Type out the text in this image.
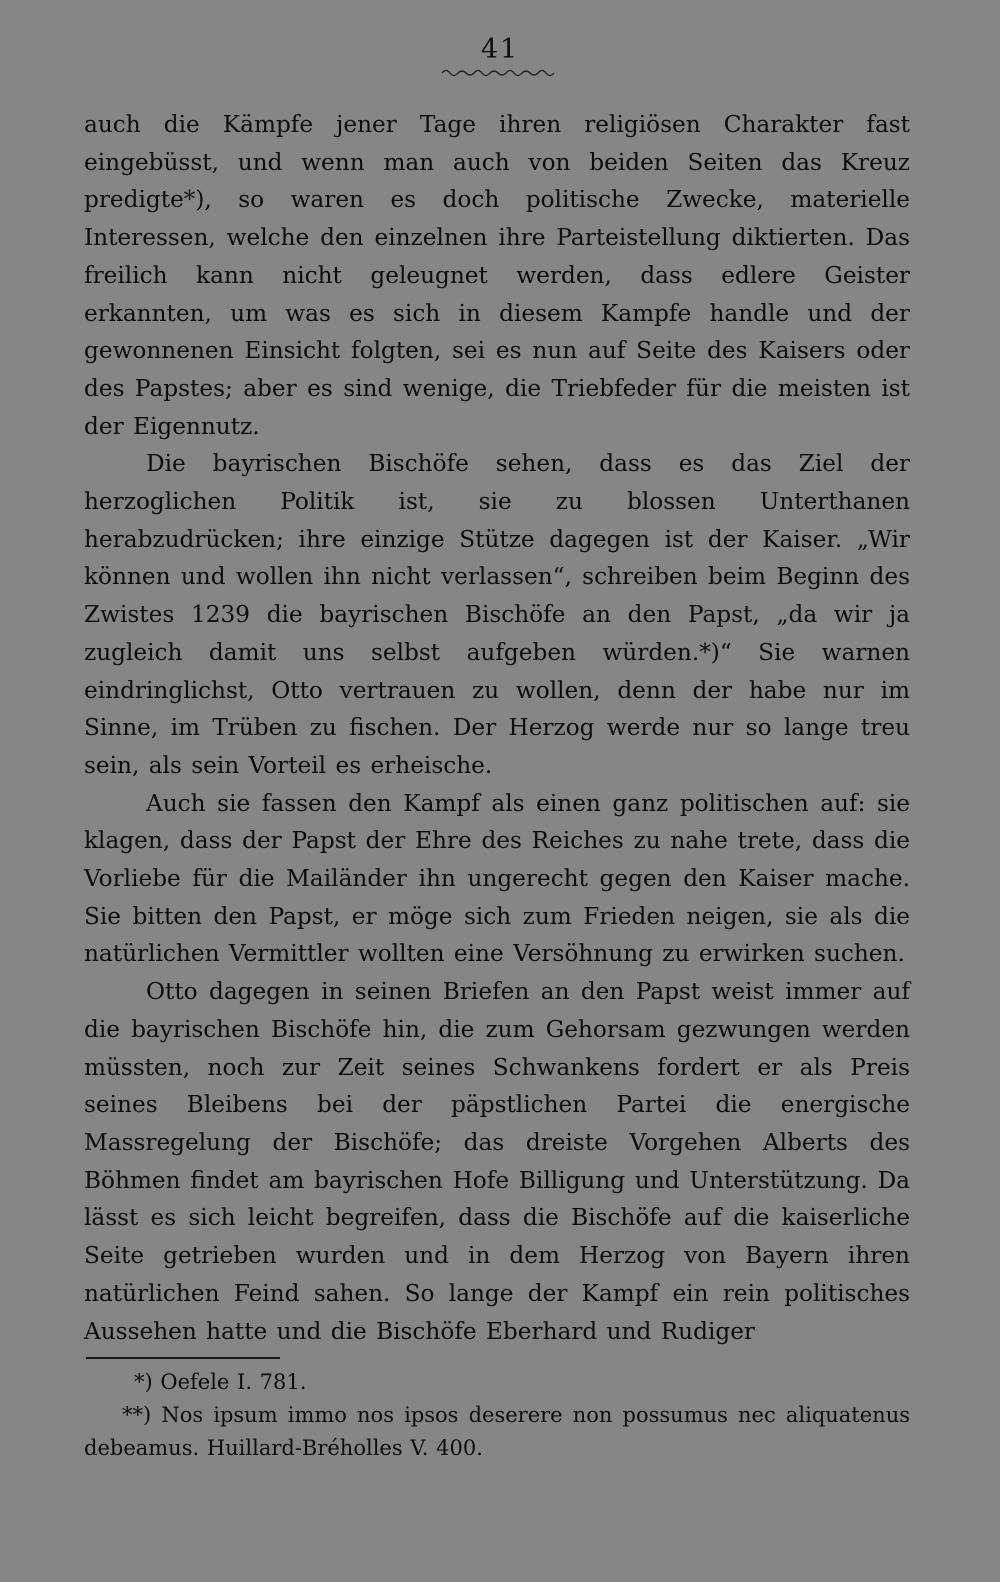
41

auch die Kämpfe jener Tage ihren religiösen Charakter fast eingebüsst, und wenn man auch von beiden Seiten das Kreuz predigte*), so waren es doch politische Zwecke, materielle Interessen, welche den einzelnen ihre Parteistellung diktierten. Das freilich kann nicht geleugnet werden, dass edlere Geister erkannten, um was es sich in diesem Kampfe handle und der gewonnenen Einsicht folgten, sei es nun auf Seite des Kaisers oder des Papstes; aber es sind wenige, die Triebfeder für die meisten ist der Eigennutz.

Die bayrischen Bischöfe sehen, dass es das Ziel der herzoglichen Politik ist, sie zu blossen Unterthanen herabzudrücken; ihre einzige Stütze dagegen ist der Kaiser. „Wir können und wollen ihn nicht verlassen“, schreiben beim Beginn des Zwistes 1239 die bayrischen Bischöfe an den Papst, „da wir ja zugleich damit uns selbst aufgeben würden.*)“ Sie warnen eindringlichst, Otto vertrauen zu wollen, denn der habe nur im Sinne, im Trüben zu fischen. Der Herzog werde nur so lange treu sein, als sein Vorteil es erheische.

Auch sie fassen den Kampf als einen ganz politischen auf: sie klagen, dass der Papst der Ehre des Reiches zu nahe trete, dass die Vorliebe für die Mailänder ihn ungerecht gegen den Kaiser mache. Sie bitten den Papst, er möge sich zum Frieden neigen, sie als die natürlichen Vermittler wollten eine Versöhnung zu erwirken suchen.

Otto dagegen in seinen Briefen an den Papst weist immer auf die bayrischen Bischöfe hin, die zum Gehorsam gezwungen werden müssten, noch zur Zeit seines Schwankens fordert er als Preis seines Bleibens bei der päpstlichen Partei die energische Massregelung der Bischöfe; das dreiste Vorgehen Alberts des Böhmen findet am bayrischen Hofe Billigung und Unterstützung. Da lässt es sich leicht begreifen, dass die Bischöfe auf die kaiserliche Seite getrieben wurden und in dem Herzog von Bayern ihren natürlichen Feind sahen. So lange der Kampf ein rein politisches Aussehen hatte und die Bischöfe Eberhard und Rudiger

*) Oefele I. 781.

**) Nos ipsum immo nos ipsos deserere non possumus nec aliquatenus debeamus. Huillard-Bréholles V. 400.
